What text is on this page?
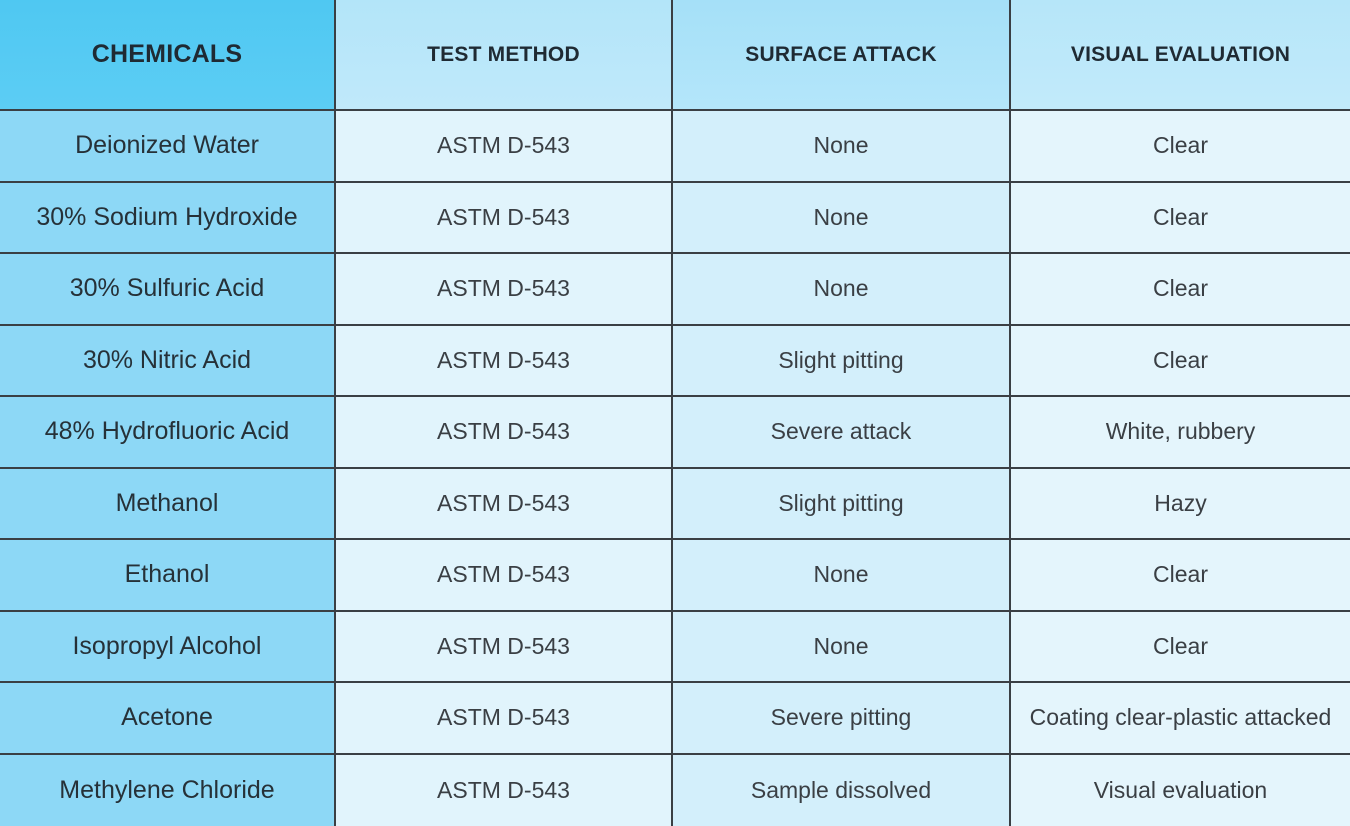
CHEMICALS	TEST METHOD	SURFACE ATTACK	VISUAL EVALUATION
Deionized Water	ASTM D-543	None	Clear
30% Sodium Hydroxide	ASTM D-543	None	Clear
30% Sulfuric Acid	ASTM D-543	None	Clear
30% Nitric Acid	ASTM D-543	Slight pitting	Clear
48% Hydrofluoric Acid	ASTM D-543	Severe attack	White, rubbery
Methanol	ASTM D-543	Slight pitting	Hazy
Ethanol	ASTM D-543	None	Clear
Isopropyl Alcohol	ASTM D-543	None	Clear
Acetone	ASTM D-543	Severe pitting	Coating clear-plastic attacked
Methylene Chloride	ASTM D-543	Sample dissolved	Visual evaluation
